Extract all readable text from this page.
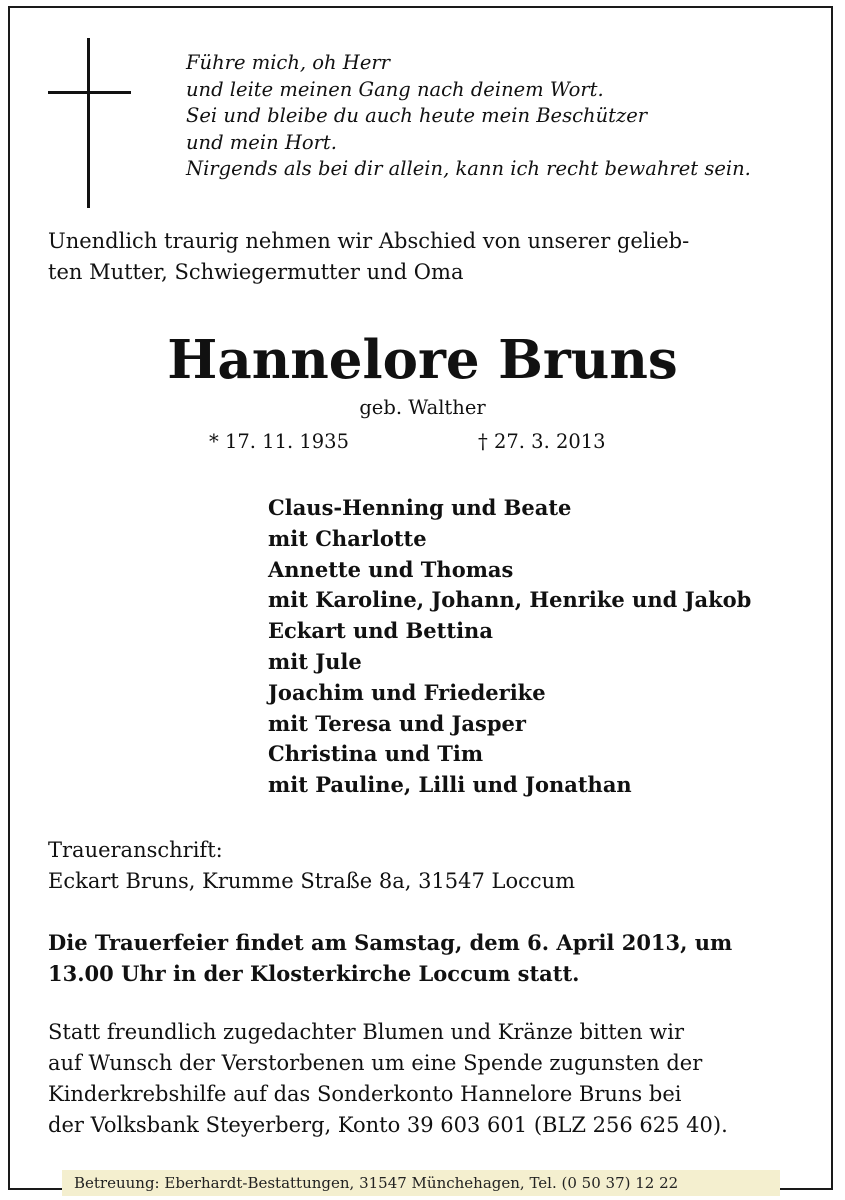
Führe mich, oh Herr
und leite meinen Gang nach deinem Wort.
Sei und bleibe du auch heute mein Beschützer
und mein Hort.
Nirgends als bei dir allein, kann ich recht bewahret sein.
Unendlich traurig nehmen wir Abschied von unserer gelieb-
ten Mutter, Schwiegermutter und Oma
Hannelore Bruns
geb. Walther
* 17. 11. 1935	† 27. 3. 2013
Claus-Henning und Beate
mit Charlotte
Annette und Thomas
mit Karoline, Johann, Henrike und Jakob
Eckart und Bettina
mit Jule
Joachim und Friederike
mit Teresa und Jasper
Christina und Tim
mit Pauline, Lilli und Jonathan
Traueranschrift:
Eckart Bruns, Krumme Straße 8a, 31547 Loccum
Die Trauerfeier findet am Samstag, dem 6. April 2013, um
13.00 Uhr in der Klosterkirche Loccum statt.
Statt freundlich zugedachter Blumen und Kränze bitten wir
auf Wunsch der Verstorbenen um eine Spende zugunsten der
Kinderkrebshilfe auf das Sonderkonto Hannelore Bruns bei
der Volksbank Steyerberg, Konto 39 603 601 (BLZ 256 625 40).
Betreuung: Eberhardt-Bestattungen, 31547 Münchehagen, Tel. (0 50 37) 12 22
